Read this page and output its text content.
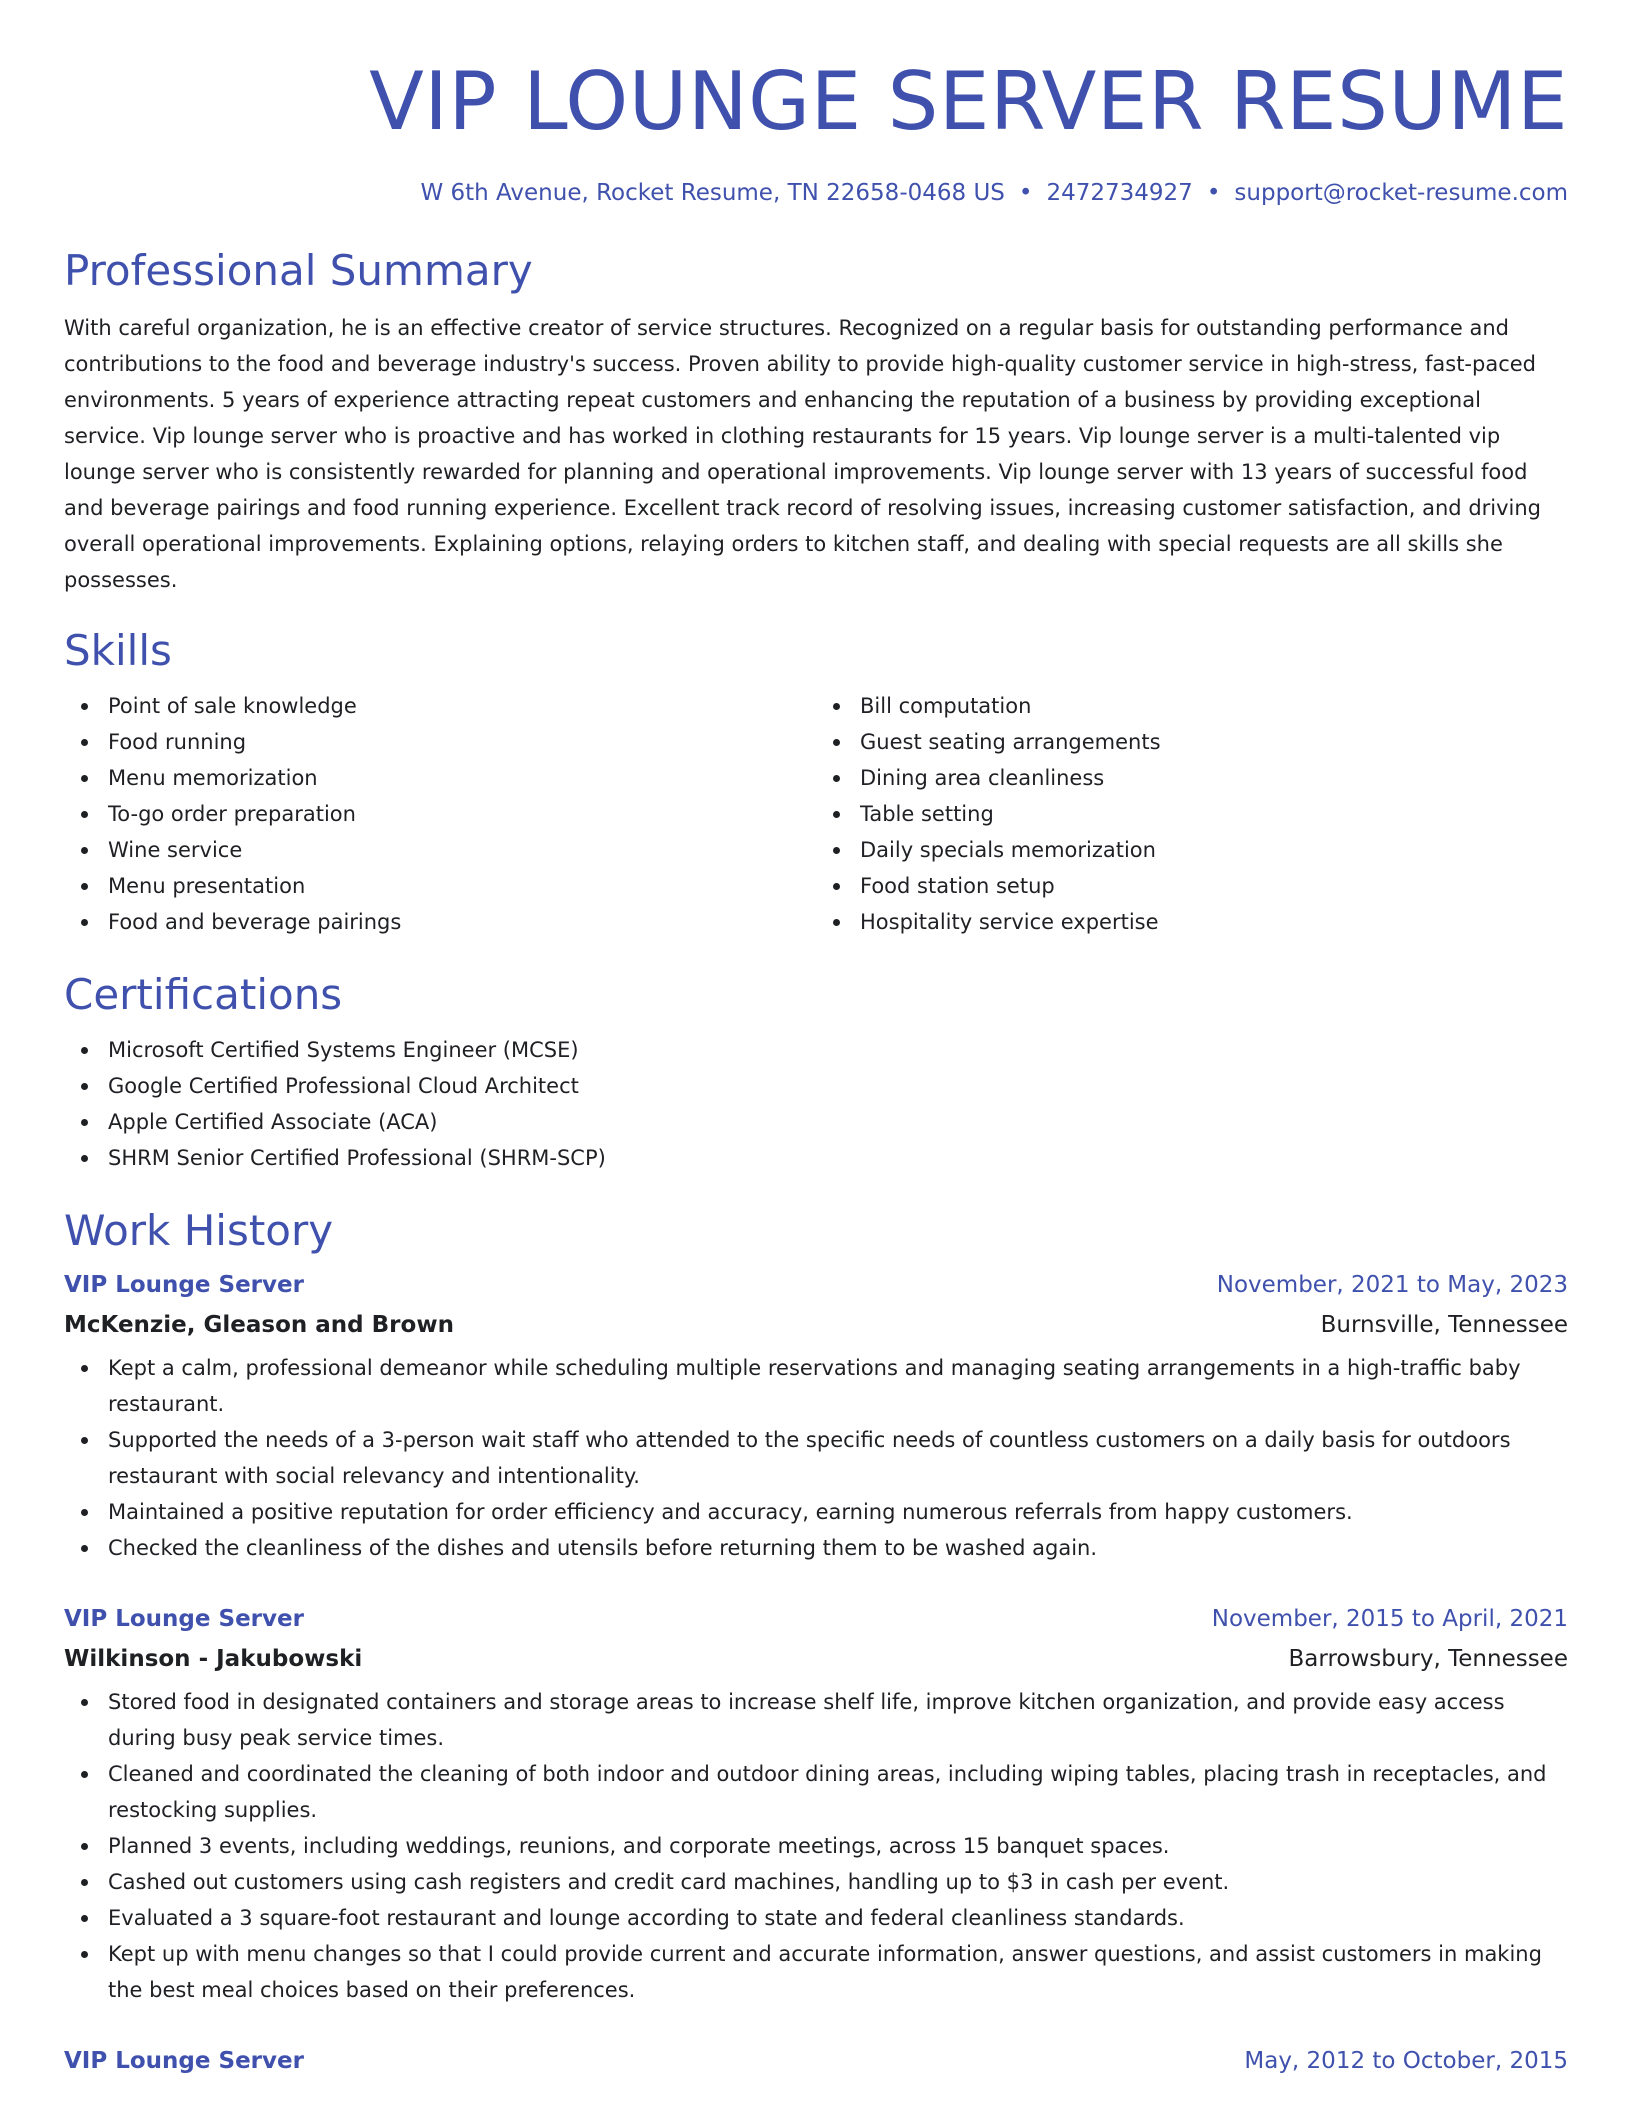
VIP LOUNGE SERVER RESUME
W 6th Avenue, Rocket Resume, TN 22658-0468 US • 2472734927 • support@rocket-resume.com
Professional Summary

With careful organization, he is an effective creator of service structures. Recognized on a regular basis for outstanding performance and contributions to the food and beverage industry's success. Proven ability to provide high-quality customer service in high-stress, fast-paced environments. 5 years of experience attracting repeat customers and enhancing the reputation of a business by providing exceptional service. Vip lounge server who is proactive and has worked in clothing restaurants for 15 years. Vip lounge server is a multi-talented vip lounge server who is consistently rewarded for planning and operational improvements. Vip lounge server with 13 years of successful food and beverage pairings and food running experience. Excellent track record of resolving issues, increasing customer satisfaction, and driving overall operational improvements. Explaining options, relaying orders to kitchen staff, and dealing with special requests are all skills she possesses.

Skills
Point of sale knowledge
Food running
Menu memorization
To-go order preparation
Wine service
Menu presentation
Food and beverage pairings
Bill computation
Guest seating arrangements
Dining area cleanliness
Table setting
Daily specials memorization
Food station setup
Hospitality service expertise
Certifications
Microsoft Certified Systems Engineer (MCSE)
Google Certified Professional Cloud Architect
Apple Certified Associate (ACA)
SHRM Senior Certified Professional (SHRM-SCP)
Work History
VIP Lounge Server	November, 2021 to May, 2023
McKenzie, Gleason and Brown	Burnsville, Tennessee
Kept a calm, professional demeanor while scheduling multiple reservations and managing seating arrangements in a high-traffic baby restaurant.
Supported the needs of a 3-person wait staff who attended to the specific needs of countless customers on a daily basis for outdoors restaurant with social relevancy and intentionality.
Maintained a positive reputation for order efficiency and accuracy, earning numerous referrals from happy customers.
Checked the cleanliness of the dishes and utensils before returning them to be washed again.
VIP Lounge Server	November, 2015 to April, 2021
Wilkinson - Jakubowski	Barrowsbury, Tennessee
Stored food in designated containers and storage areas to increase shelf life, improve kitchen organization, and provide easy access during busy peak service times.
Cleaned and coordinated the cleaning of both indoor and outdoor dining areas, including wiping tables, placing trash in receptacles, and restocking supplies.
Planned 3 events, including weddings, reunions, and corporate meetings, across 15 banquet spaces.
Cashed out customers using cash registers and credit card machines, handling up to $3 in cash per event.
Evaluated a 3 square-foot restaurant and lounge according to state and federal cleanliness standards.
Kept up with menu changes so that I could provide current and accurate information, answer questions, and assist customers in making the best meal choices based on their preferences.
VIP Lounge Server	May, 2012 to October, 2015
